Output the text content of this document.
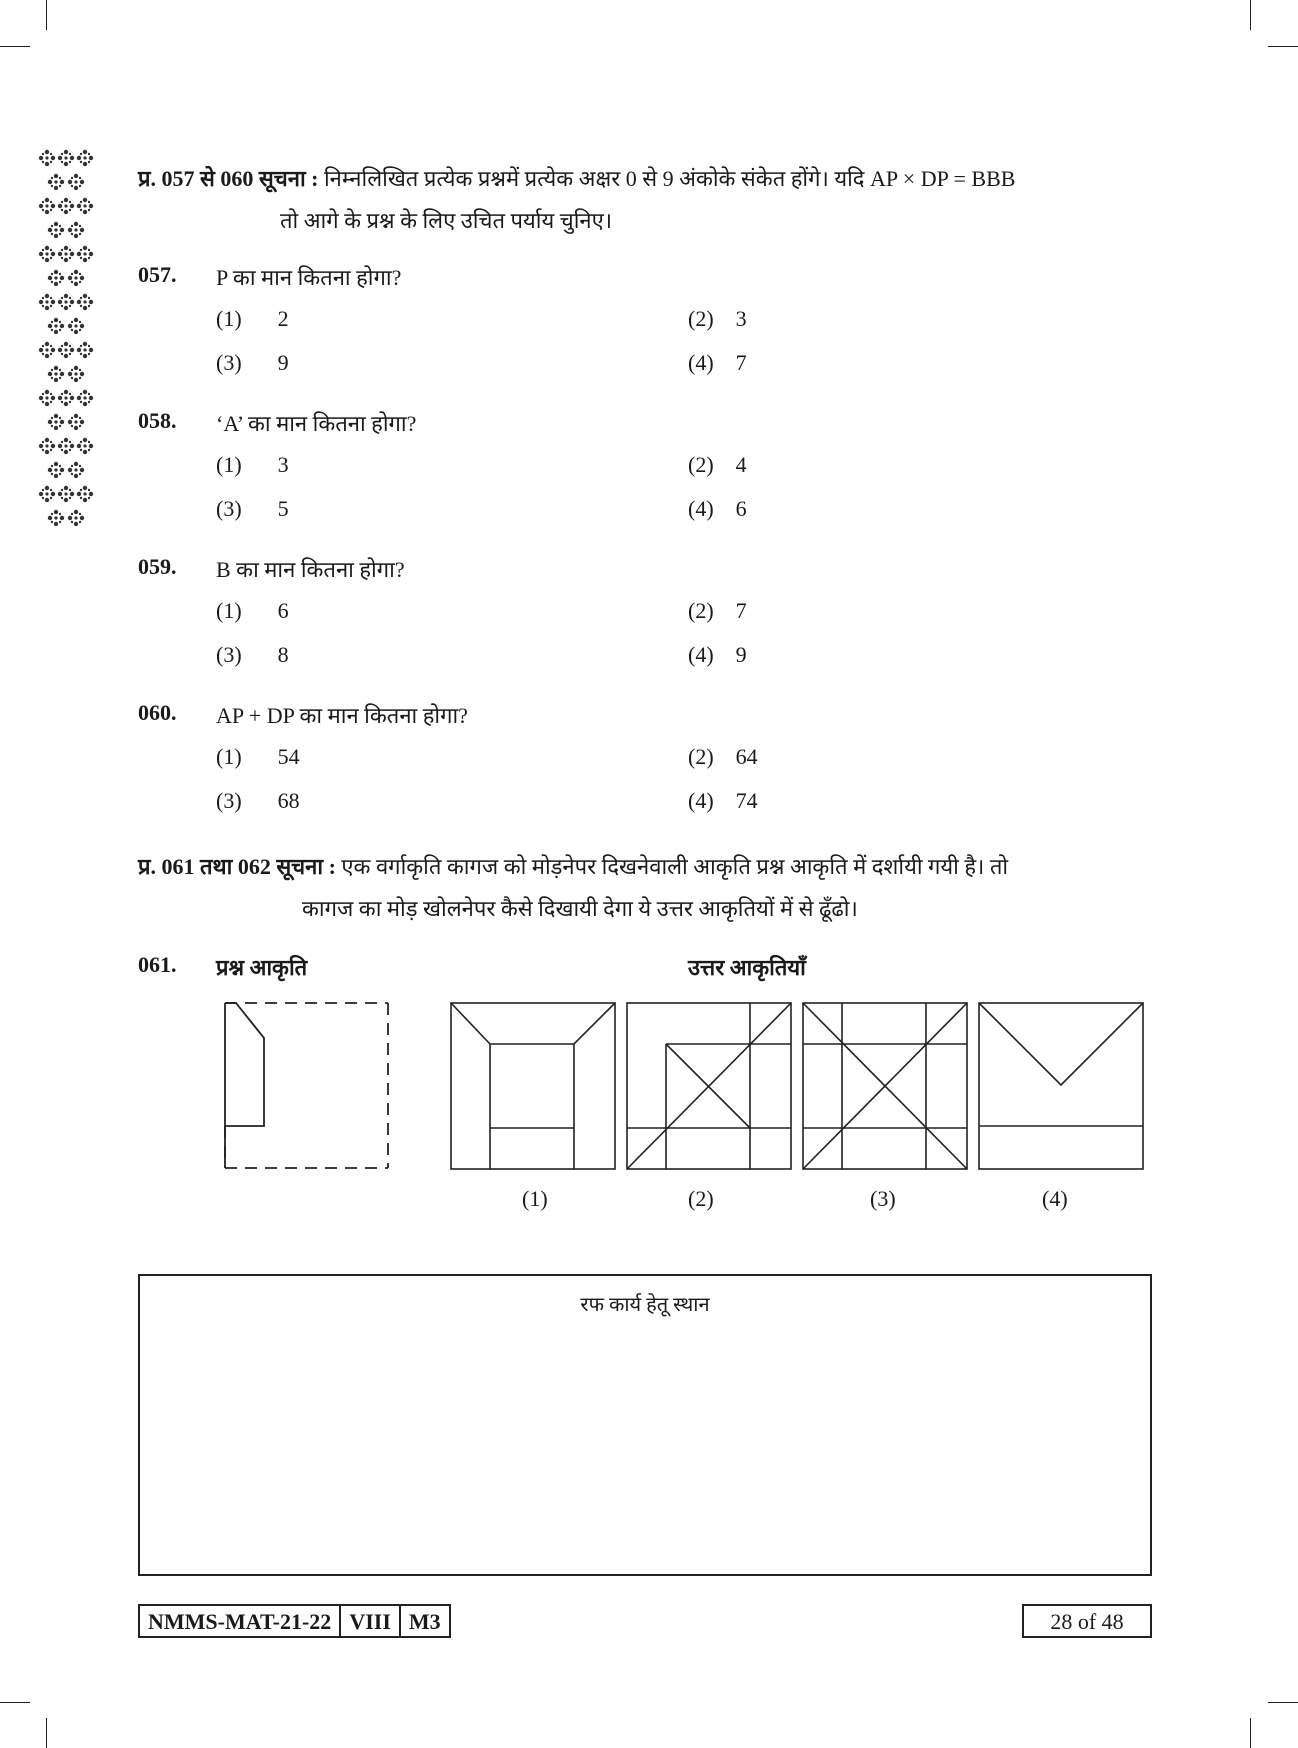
प्र. 057 से 060 सूचना : निम्नलिखित प्रत्येक प्रश्नमें प्रत्येक अक्षर 0 से 9 अंकोके संकेत होंगे। यदि AP × DP = BBB
तो आगे के प्रश्न के लिए उचित पर्याय चुनिए।
057. P का मान कितना होगा?
(1) 2	(2) 3
(3) 9	(4) 7
058. ‘A’ का मान कितना होगा?
(1) 3	(2) 4
(3) 5	(4) 6
059. B का मान कितना होगा?
(1) 6	(2) 7
(3) 8	(4) 9
060. AP + DP का मान कितना होगा?
(1) 54	(2) 64
(3) 68	(4) 74
प्र. 061 तथा 062 सूचना : एक वर्गाकृति कागज को मोड़नेपर दिखनेवाली आकृति प्रश्न आकृति में दर्शायी गयी है। तो
कागज का मोड़ खोलनेपर कैसे दिखायी देगा ये उत्तर आकृतियों में से ढूँढो।
061. प्रश्न आकृति	उत्तर आकृतियाँ
(1)	(2)	(3)	(4)
रफ कार्य हेतू स्थान
NMMS-MAT-21-22 VIII M3	28 of 48
